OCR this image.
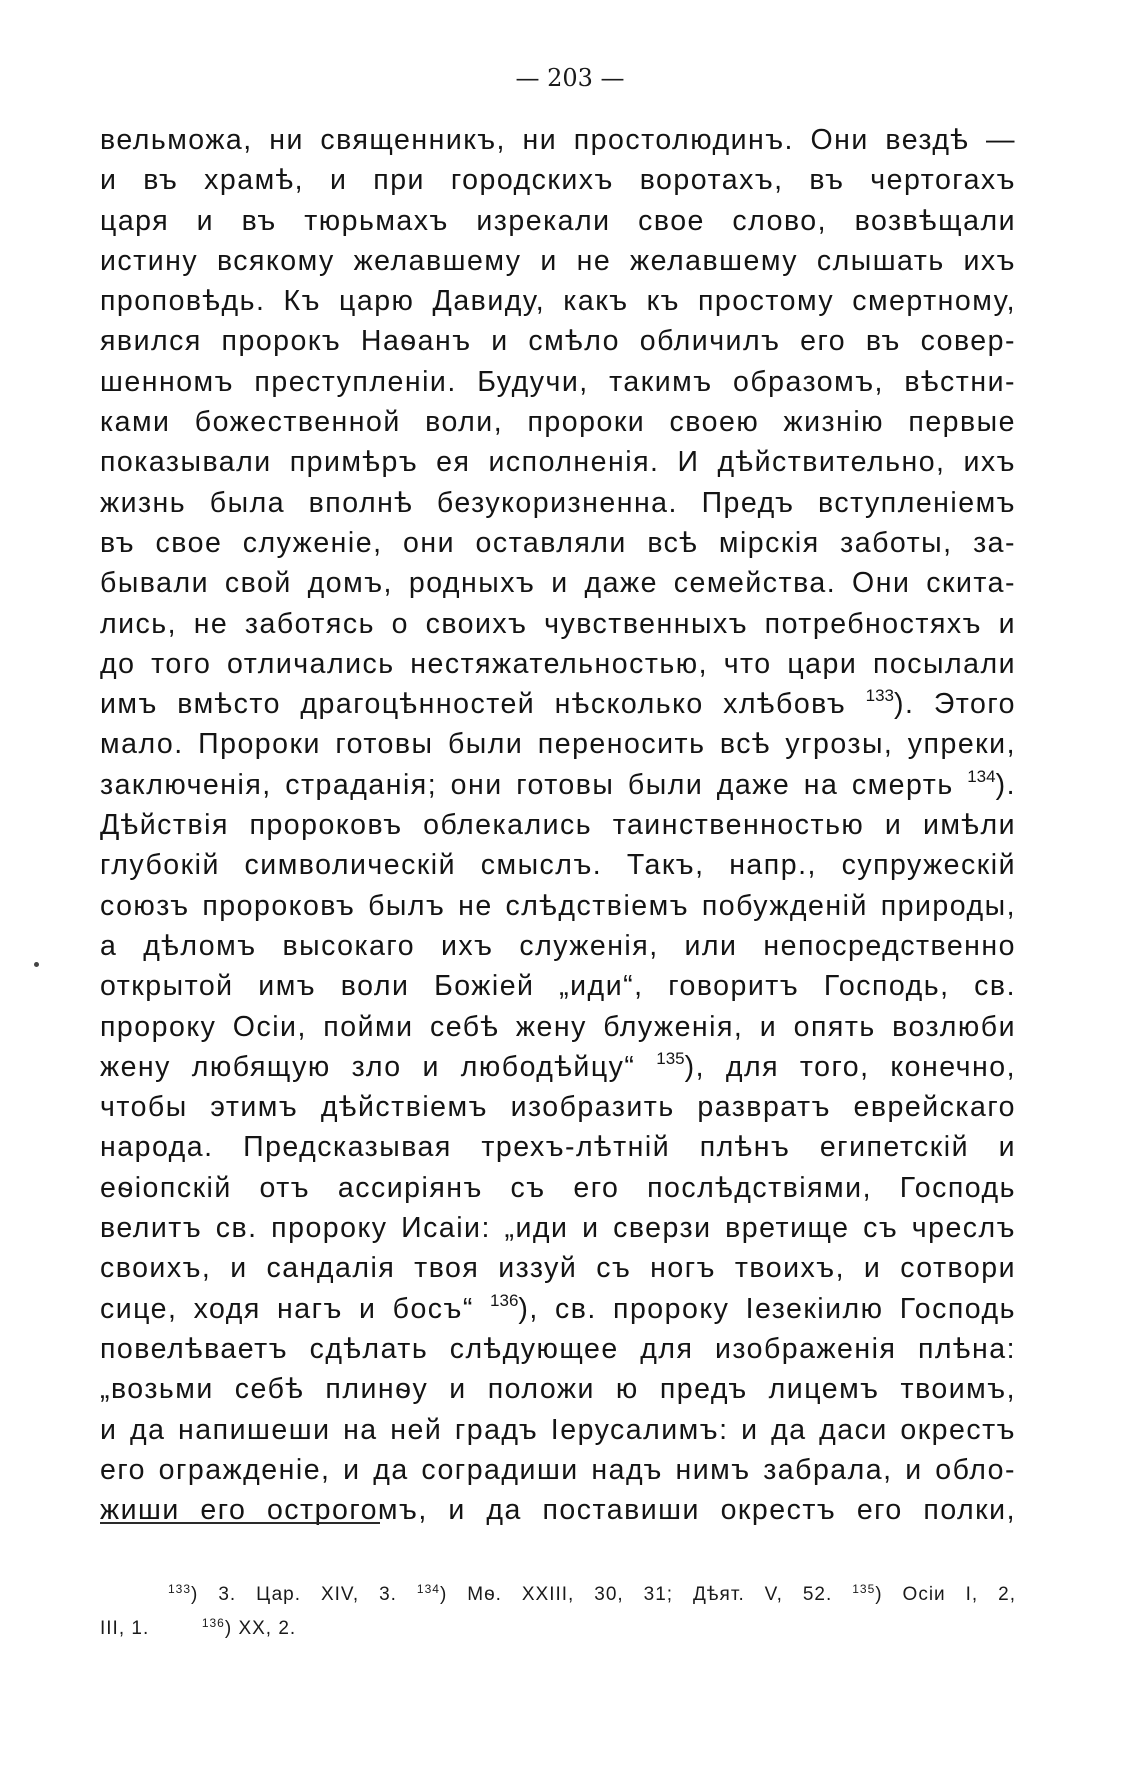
— 203 —
вельможа, ни священникъ, ни простолюдинъ. Они вездѣ —
и въ храмѣ, и при городскихъ воротахъ, въ чертогахъ
царя и въ тюрьмахъ изрекали свое слово, возвѣщали
истину всякому желавшему и не желавшему слышать ихъ
проповѣдь. Къ царю Давиду, какъ къ простому смертному,
явился пророкъ Наѳанъ и смѣло обличилъ его въ совер-
шенномъ преступленіи. Будучи, такимъ образомъ, вѣстни-
ками божественной воли, пророки своею жизнію первые
показывали примѣръ ея исполненія. И дѣйствительно, ихъ
жизнь была вполнѣ безукоризненна. Предъ вступленіемъ
въ свое служеніе, они оставляли всѣ мірскія заботы, за-
бывали свой домъ, родныхъ и даже семейства. Они скита-
лись, не заботясь о своихъ чувственныхъ потребностяхъ и
до того отличались нестяжательностью, что цари посылали
имъ вмѣсто драгоцѣнностей нѣсколько хлѣбовъ $^{133}$). Этого
мало. Пророки готовы были переносить всѣ угрозы, упреки,
заключенія, страданія; они готовы были даже на смерть $^{134}$).
Дѣйствія пророковъ облекались таинственностью и имѣли
глубокій символическій смыслъ. Такъ, напр., супружескій
союзъ пророковъ былъ не слѣдствіемъ побужденій природы,
а дѣломъ высокаго ихъ служенія, или непосредственно
открытой имъ воли Божіей „иди“, говоритъ Господь, св.
пророку Осіи, пойми себѣ жену блуженія, и опять возлюби
жену любящую зло и любодѣйцу“ $^{135}$), для того, конечно,
чтобы этимъ дѣйствіемъ изобразить развратъ еврейскаго
народа. Предсказывая трехъ-лѣтній плѣнъ египетскій и
еѳіопскій отъ ассиріянъ съ его послѣдствіями, Господь
велитъ св. пророку Исаіи: „иди и сверзи вретище съ чреслъ
своихъ, и сандалія твоя иззуй съ ногъ твоихъ, и сотвори
сице, ходя нагъ и босъ“ $^{136}$), св. пророку Іезекіилю Господь
повелѣваетъ сдѣлать слѣдующее для изображенія плѣна:
„возьми себѣ плинѳу и положи ю предъ лицемъ твоимъ,
и да напишеши на ней градъ Іерусалимъ: и да даси окрестъ
его огражденіе, и да соградиши надъ нимъ забрала, и обло-
жиши его острогомъ, и да поставиши окрестъ его полки,
$^{133}$) 3. Цар. XIV, 3. $^{134}$) Мѳ. XXIII, 30, 31; Дѣят. V, 52. $^{135}$) Осіи I, 2,
III, 1.	$^{136}$) XX, 2.
